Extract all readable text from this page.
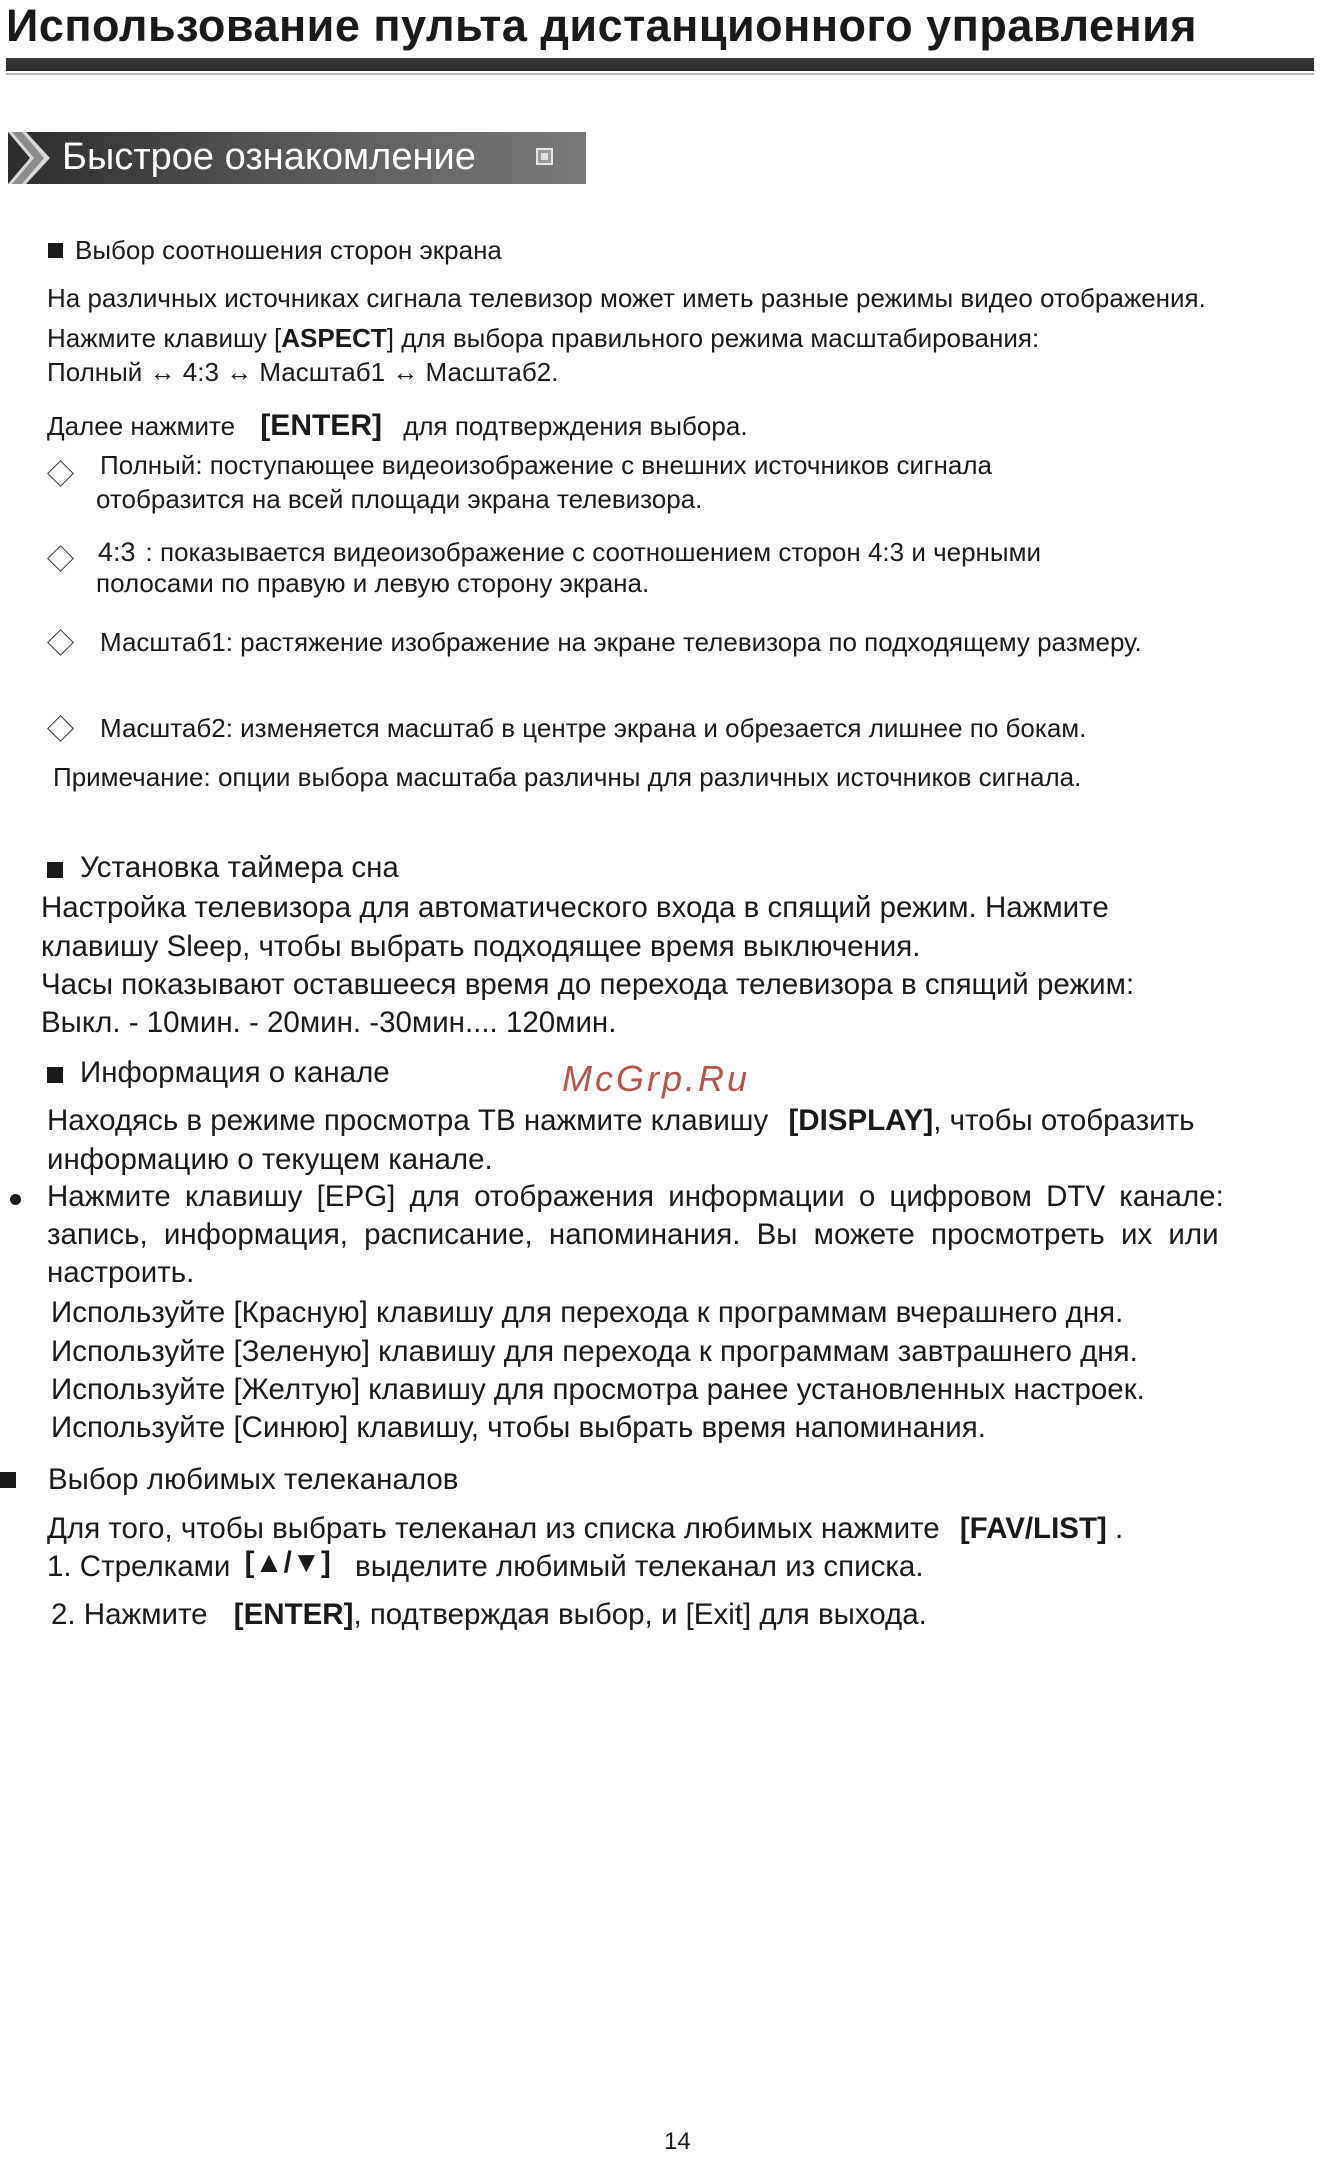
Использование пульта дистанционного управления
Быстрое ознакомление
Выбор соотношения сторон экрана
На различных источниках сигнала телевизор может иметь разные режимы видео отображения.
Нажмите клавишу [ASPECT] для выбора правильного режима масштабирования:
Полный ↔ 4:3 ↔ Масштаб1 ↔ Масштаб2.
Далее нажмите [ENTER] для подтверждения выбора.
Полный: поступающее видеоизображение с внешних источников сигнала
отобразится на всей площади экрана телевизора.
4:3 : показывается видеоизображение с соотношением сторон 4:3 и черными
полосами по правую и левую сторону экрана.
Масштаб1: растяжение изображение на экране телевизора по подходящему размеру.
Масштаб2: изменяется масштаб в центре экрана и обрезается лишнее по бокам.
Примечание: опции выбора масштаба различны для различных источников сигнала.
Установка таймера сна
Настройка телевизора для автоматического входа в спящий режим. Нажмите
клавишу Sleep, чтобы выбрать подходящее время выключения.
Часы показывают оставшееся время до перехода телевизора в спящий режим:
Выкл. - 10мин. - 20мин. -30мин.... 120мин.
Информация о канале	McGrp.Ru
Находясь в режиме просмотра ТВ нажмите клавишу [DISPLAY], чтобы отобразить
информацию о текущем канале.
Нажмите клавишу [EPG] для отображения информации о цифровом DTV канале:
запись, информация, расписание, напоминания. Вы можете просмотреть их или
настроить.
Используйте [Красную] клавишу для перехода к программам вчерашнего дня.
Используйте [Зеленую] клавишу для перехода к программам завтрашнего дня.
Используйте [Желтую] клавишу для просмотра ранее установленных настроек.
Используйте [Синюю] клавишу, чтобы выбрать время напоминания.
Выбор любимых телеканалов
Для того, чтобы выбрать телеканал из списка любимых нажмите [FAV/LIST] .
1. Стрелками [▲/▼] выделите любимый телеканал из списка.
2. Нажмите [ENTER], подтверждая выбор, и [Exit] для выхода.
14
